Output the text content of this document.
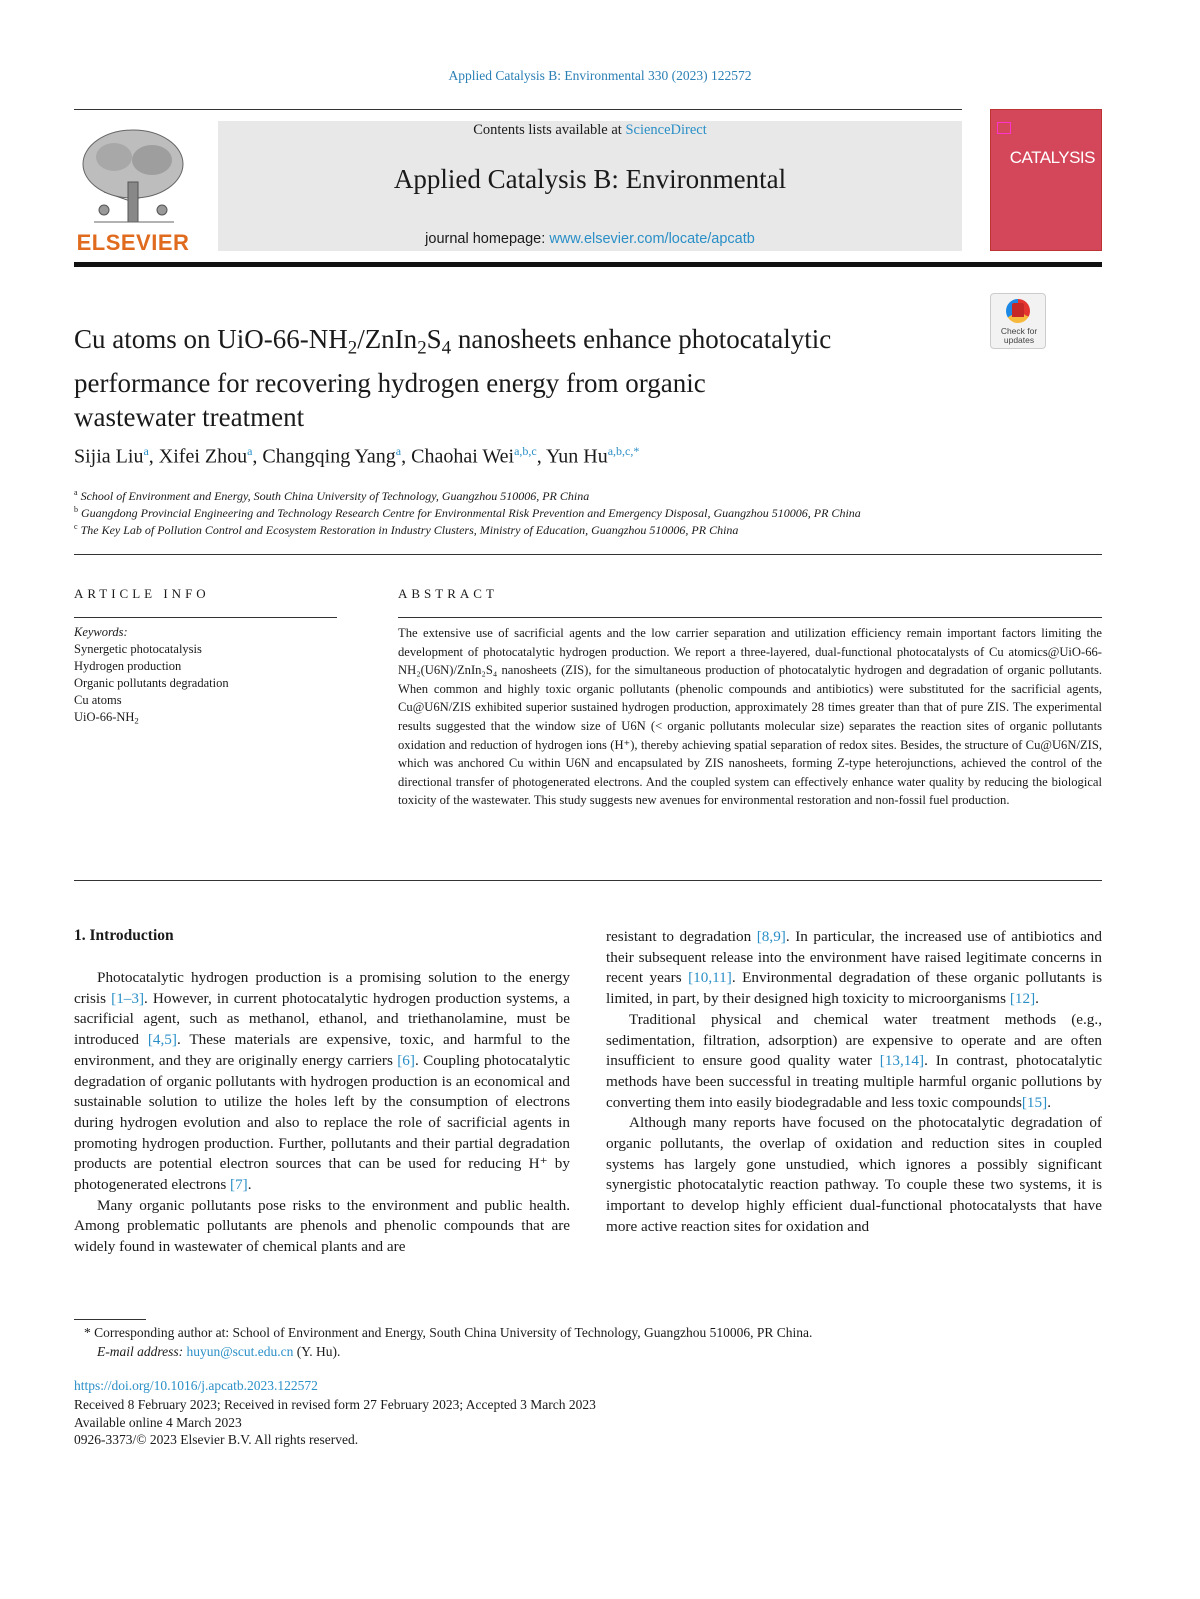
Applied Catalysis B: Environmental 330 (2023) 122572
ELSEVIER
Contents lists available at ScienceDirect
Applied Catalysis B: Environmental
journal homepage: www.elsevier.com/locate/apcatb
CATALYSIS
Check for updates
Cu atoms on UiO-$66-NH_2/ZnIn_2S_4$ nanosheets enhance photocatalytic
performance for recovering hydrogen energy from organic
wastewater treatment
Sijia Liu$^a$, Xifei Zhou$^a$, Changqing Yang$^a$, Chaohai Wei$^{a,b,c}$, Yun $Hu^{a,b,c,*}$
$^a$ School of Environment and Energy, South China University of Technology, Guangzhou 510006, PR China
$^b$ Guangdong Provincial Engineering and Technology Research Centre for Environmental Risk Prevention and Emergency Disposal, Guangzhou 510006, PR China
$^c$ The Key Lab of Pollution Control and Ecosystem Restoration in Industry Clusters, Ministry of Education, Guangzhou 510006, PR China
ARTICLE INFO
Keywords:
Synergetic photocatalysis
Hydrogen production
Organic pollutants degradation
Cu atoms
UiO-$66-NH_2$
ABSTRACT
The extensive use of sacrificial agents and the low carrier separation and utilization efficiency remain important factors limiting the development of photocatalytic hydrogen production. We report a three-layered, dual-functional photocatalysts of Cu atomics@UiO-66-NH₂(U6N)/ZnIn₂S₄ nanosheets (ZIS), for the simultaneous production of photocatalytic hydrogen and degradation of organic pollutants. When common and highly toxic organic pollutants (phenolic compounds and antibiotics) were substituted for the sacrificial agents, Cu@U6N/ZIS exhibited superior sustained hydrogen production, approximately 28 times greater than that of pure ZIS. The experimental results suggested that the window size of U6N (< organic pollutants molecular size) separates the reaction sites of organic pollutants oxidation and reduction of hydrogen ions (H⁺), thereby achieving spatial separation of redox sites. Besides, the structure of Cu@U6N/ZIS, which was anchored Cu within U6N and encapsulated by ZIS nanosheets, forming Z-type heterojunctions, achieved the control of the directional transfer of photogenerated electrons. And the coupled system can effectively enhance water quality by reducing the biological toxicity of the wastewater. This study suggests new avenues for environmental restoration and non-fossil fuel production.
1. Introduction

Photocatalytic hydrogen production is a promising solution to the energy crisis [1–3]. However, in current photocatalytic hydrogen production systems, a sacrificial agent, such as methanol, ethanol, and triethanolamine, must be introduced [4,5]. These materials are expensive, toxic, and harmful to the environment, and they are originally energy carriers [6]. Coupling photocatalytic degradation of organic pollutants with hydrogen production is an economical and sustainable solution to utilize the holes left by the consumption of electrons during hydrogen evolution and also to replace the role of sacrificial agents in promoting hydrogen production. Further, pollutants and their partial degradation products are potential electron sources that can be used for reducing H⁺ by photogenerated electrons [7].

Many organic pollutants pose risks to the environment and public health. Among problematic pollutants are phenols and phenolic compounds that are widely found in wastewater of chemical plants and are

resistant to degradation [8,9]. In particular, the increased use of antibiotics and their subsequent release into the environment have raised legitimate concerns in recent years [10,11]. Environmental degradation of these organic pollutants is limited, in part, by their designed high toxicity to microorganisms [12].

Traditional physical and chemical water treatment methods (e.g., sedimentation, filtration, adsorption) are expensive to operate and are often insufficient to ensure good quality water [13,14]. In contrast, photocatalytic methods have been successful in treating multiple harmful organic pollutions by converting them into easily biodegradable and less toxic compounds[15].

Although many reports have focused on the photocatalytic degradation of organic pollutants, the overlap of oxidation and reduction sites in coupled systems has largely gone unstudied, which ignores a possibly significant synergistic photocatalytic reaction pathway. To couple these two systems, it is important to develop highly efficient dual-functional photocatalysts that have more active reaction sites for oxidation and

* Corresponding author at: School of Environment and Energy, South China University of Technology, Guangzhou 510006, PR China.
E-mail address: huyun@scut.edu.cn (Y. Hu).
https://doi.org/10.1016/j.apcatb.2023.122572
Received 8 February 2023; Received in revised form 27 February 2023; Accepted 3 March 2023
Available online 4 March 2023
0926-3373/© 2023 Elsevier B.V. All rights reserved.
